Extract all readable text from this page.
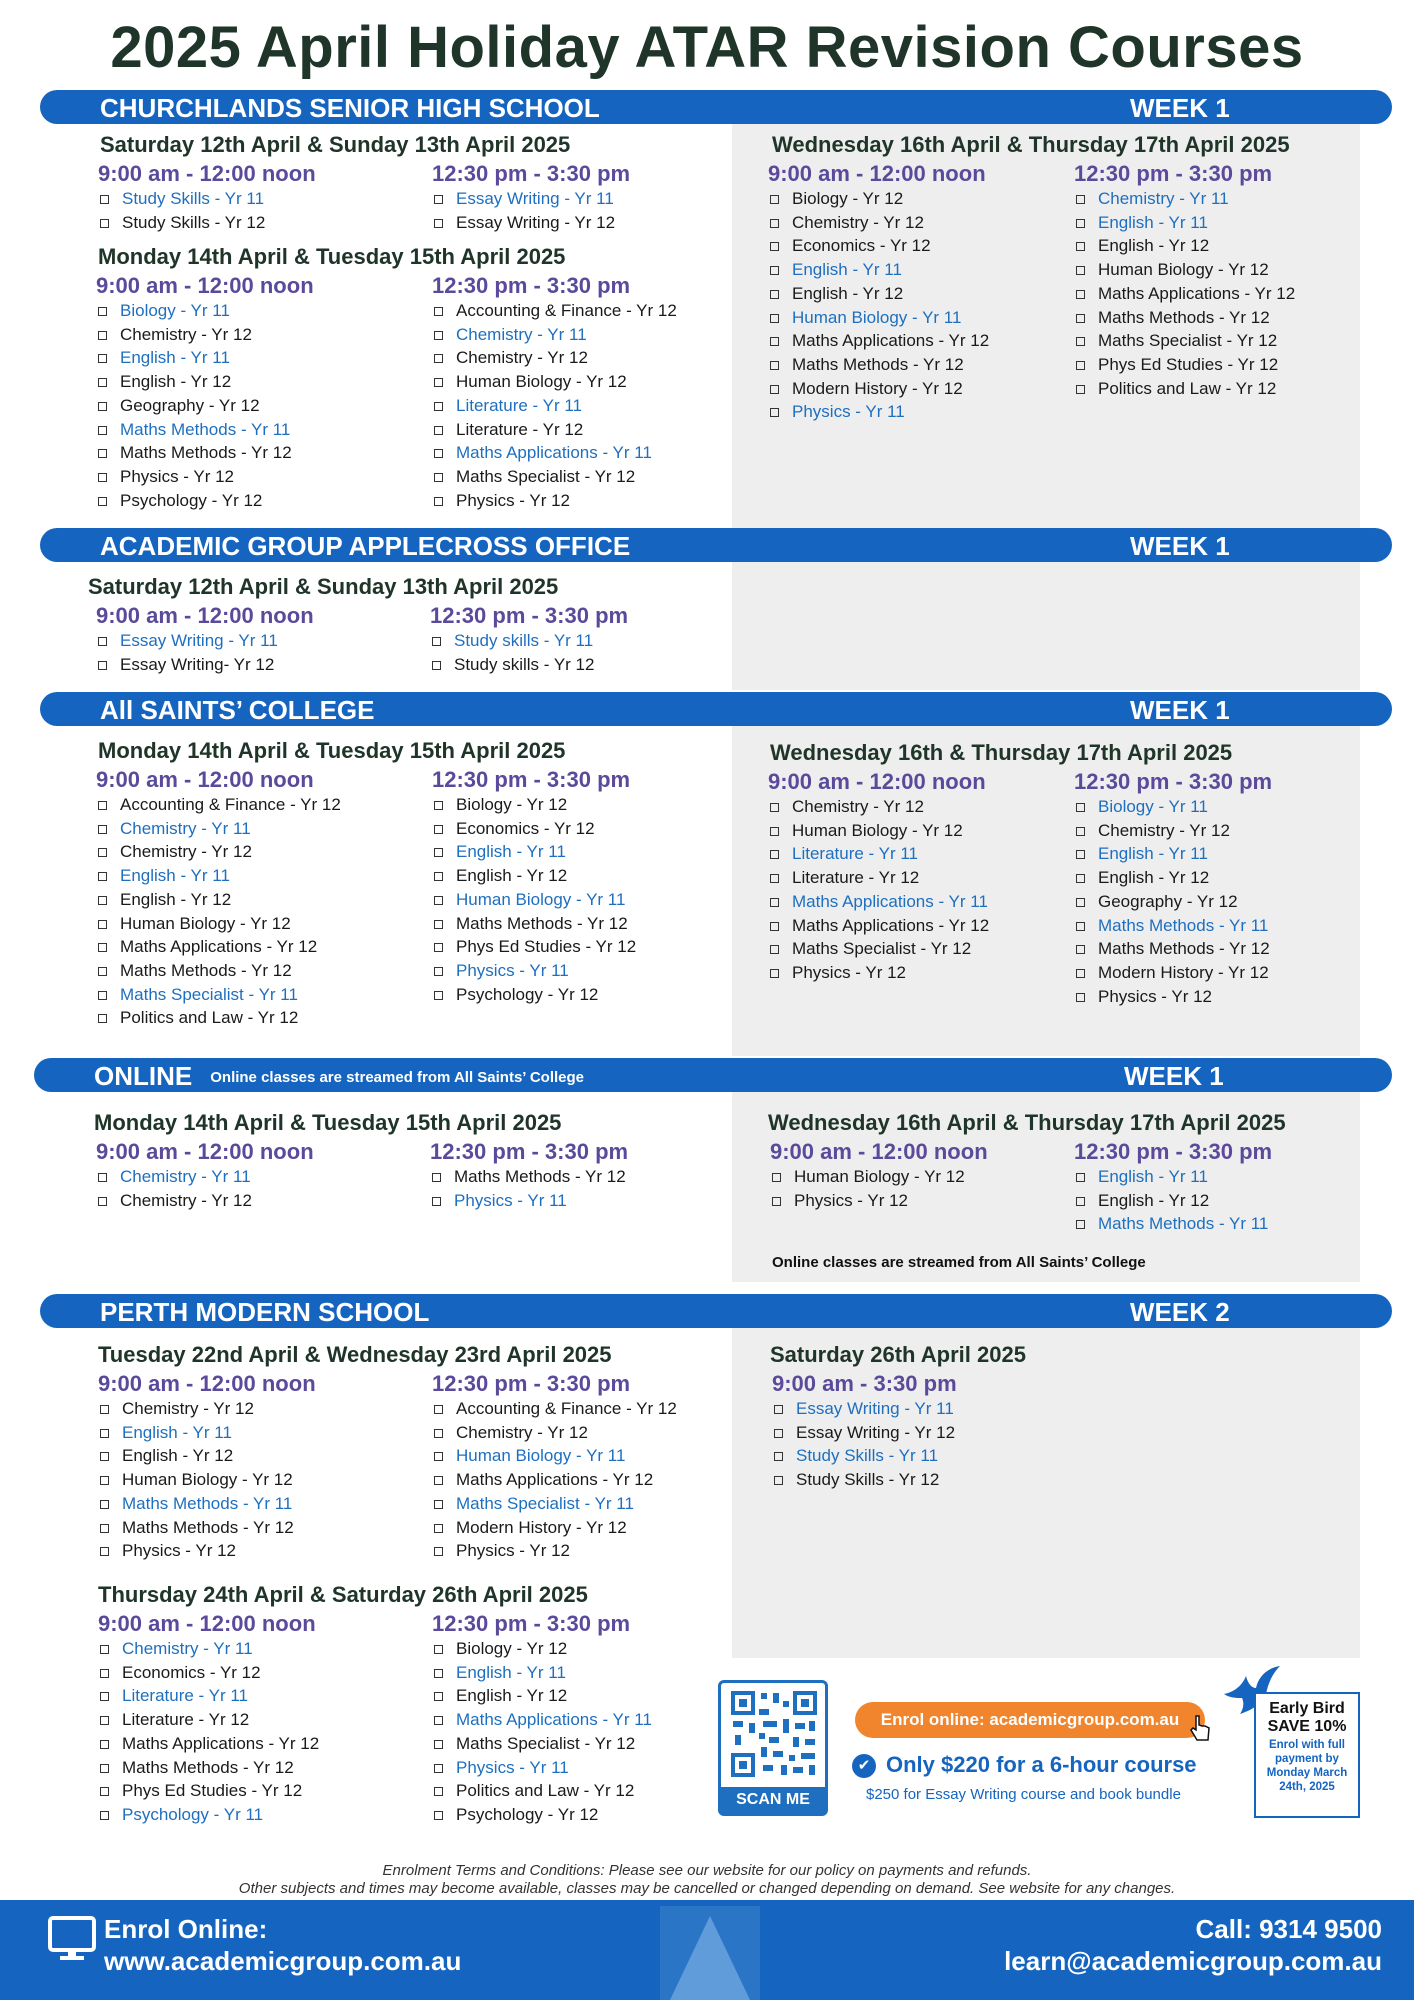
2025 April Holiday ATAR Revision Courses
CHURCHLANDS SENIOR HIGH SCHOOL	WEEK 1
ACADEMIC GROUP APPLECROSS OFFICE	WEEK 1
All SAINTS’ COLLEGE	WEEK 1
ONLINE Online classes are streamed from All Saints’ College	WEEK 1
PERTH MODERN SCHOOL	WEEK 2
Saturday 12th April & Sunday 13th April 2025
9:00 am - 12:00 noon
Study Skills - Yr 11
Study Skills - Yr 12
12:30 pm - 3:30 pm
Essay Writing - Yr 11
Essay Writing - Yr 12
Monday 14th April & Tuesday 15th April 2025
9:00 am - 12:00 noon
Biology - Yr 11
Chemistry - Yr 12
English - Yr 11
English - Yr 12
Geography - Yr 12
Maths Methods - Yr 11
Maths Methods - Yr 12
Physics - Yr 12
Psychology - Yr 12
12:30 pm - 3:30 pm
Accounting & Finance - Yr 12
Chemistry - Yr 11
Chemistry - Yr 12
Human Biology - Yr 12
Literature - Yr 11
Literature - Yr 12
Maths Applications - Yr 11
Maths Specialist - Yr 12
Physics - Yr 12
Wednesday 16th April & Thursday 17th April 2025
9:00 am - 12:00 noon
Biology - Yr 12
Chemistry - Yr 12
Economics - Yr 12
English - Yr 11
English - Yr 12
Human Biology - Yr 11
Maths Applications - Yr 12
Maths Methods - Yr 12
Modern History - Yr 12
Physics - Yr 11
12:30 pm - 3:30 pm
Chemistry - Yr 11
English - Yr 11
English - Yr 12
Human Biology - Yr 12
Maths Applications - Yr 12
Maths Methods - Yr 12
Maths Specialist - Yr 12
Phys Ed Studies - Yr 12
Politics and Law - Yr 12
Saturday 12th April & Sunday 13th April 2025
9:00 am - 12:00 noon
Essay Writing - Yr 11
Essay Writing- Yr 12
12:30 pm - 3:30 pm
Study skills - Yr 11
Study skills - Yr 12
Monday 14th April & Tuesday 15th April 2025
9:00 am - 12:00 noon
Accounting & Finance - Yr 12
Chemistry - Yr 11
Chemistry - Yr 12
English - Yr 11
English - Yr 12
Human Biology - Yr 12
Maths Applications - Yr 12
Maths Methods - Yr 12
Maths Specialist - Yr 11
Politics and Law - Yr 12
12:30 pm - 3:30 pm
Biology - Yr 12
Economics - Yr 12
English - Yr 11
English - Yr 12
Human Biology - Yr 11
Maths Methods - Yr 12
Phys Ed Studies - Yr 12
Physics - Yr 11
Psychology - Yr 12
Wednesday 16th & Thursday 17th April 2025
9:00 am - 12:00 noon
Chemistry - Yr 12
Human Biology - Yr 12
Literature - Yr 11
Literature - Yr 12
Maths Applications - Yr 11
Maths Applications - Yr 12
Maths Specialist - Yr 12
Physics - Yr 12
12:30 pm - 3:30 pm
Biology - Yr 11
Chemistry - Yr 12
English - Yr 11
English - Yr 12
Geography - Yr 12
Maths Methods - Yr 11
Maths Methods - Yr 12
Modern History - Yr 12
Physics - Yr 12
Monday 14th April & Tuesday 15th April 2025
9:00 am - 12:00 noon
Chemistry - Yr 11
Chemistry - Yr 12
12:30 pm - 3:30 pm
Maths Methods - Yr 12
Physics - Yr 11
Wednesday 16th April & Thursday 17th April 2025
9:00 am - 12:00 noon
Human Biology - Yr 12
Physics - Yr 12
12:30 pm - 3:30 pm
English - Yr 11
English - Yr 12
Maths Methods - Yr 11
Online classes are streamed from All Saints’ College
Tuesday 22nd April & Wednesday 23rd April 2025
9:00 am - 12:00 noon
Chemistry - Yr 12
English - Yr 11
English - Yr 12
Human Biology - Yr 12
Maths Methods - Yr 11
Maths Methods - Yr 12
Physics - Yr 12
12:30 pm - 3:30 pm
Accounting & Finance - Yr 12
Chemistry - Yr 12
Human Biology - Yr 11
Maths Applications - Yr 12
Maths Specialist - Yr 11
Modern History - Yr 12
Physics - Yr 12
Thursday 24th April & Saturday 26th April 2025
9:00 am - 12:00 noon
Chemistry - Yr 11
Economics - Yr 12
Literature - Yr 11
Literature - Yr 12
Maths Applications - Yr 12
Maths Methods - Yr 12
Phys Ed Studies - Yr 12
Psychology - Yr 11
12:30 pm - 3:30 pm
Biology - Yr 12
English - Yr 11
English - Yr 12
Maths Applications - Yr 11
Maths Specialist - Yr 12
Physics - Yr 11
Politics and Law - Yr 12
Psychology - Yr 12
Saturday 26th April 2025
9:00 am - 3:30 pm
Essay Writing - Yr 11
Essay Writing - Yr 12
Study Skills - Yr 11
Study Skills - Yr 12
SCAN ME
Enrol online: academicgroup.com.au
✔ Only $220 for a 6-hour course
$250 for Essay Writing course and book bundle
Early Bird
SAVE 10%
Enrol with full payment by Monday March 24th, 2025
Enrolment Terms and Conditions: Please see our website for our policy on payments and refunds.
Other subjects and times may become available, classes may be cancelled or changed depending on demand. See website for any changes.
Enrol Online:
www.academicgroup.com.au
Call: 9314 9500
learn@academicgroup.com.au
